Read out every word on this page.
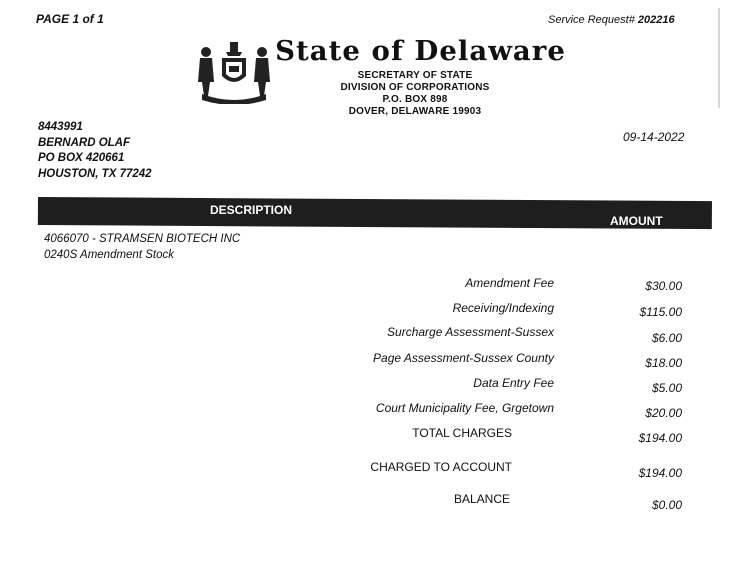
PAGE 1 of 1	Service Request# 202216
State of Delaware
SECRETARY OF STATE
DIVISION OF CORPORATIONS
P.O. BOX 898
DOVER, DELAWARE 19903
8443991
BERNARD OLAF
PO BOX 420661
HOUSTON, TX 77242
09-14-2022
DESCRIPTION
AMOUNT
4066070 - STRAMSEN BIOTECH INC
0240S Amendment Stock
Amendment Fee	$30.00
Receiving/Indexing	$115.00
Surcharge Assessment-Sussex	$6.00
Page Assessment-Sussex County	$18.00
Data Entry Fee	$5.00
Court Municipality Fee, Grgetown	$20.00
TOTAL CHARGES	$194.00
CHARGED TO ACCOUNT	$194.00
BALANCE	$0.00
